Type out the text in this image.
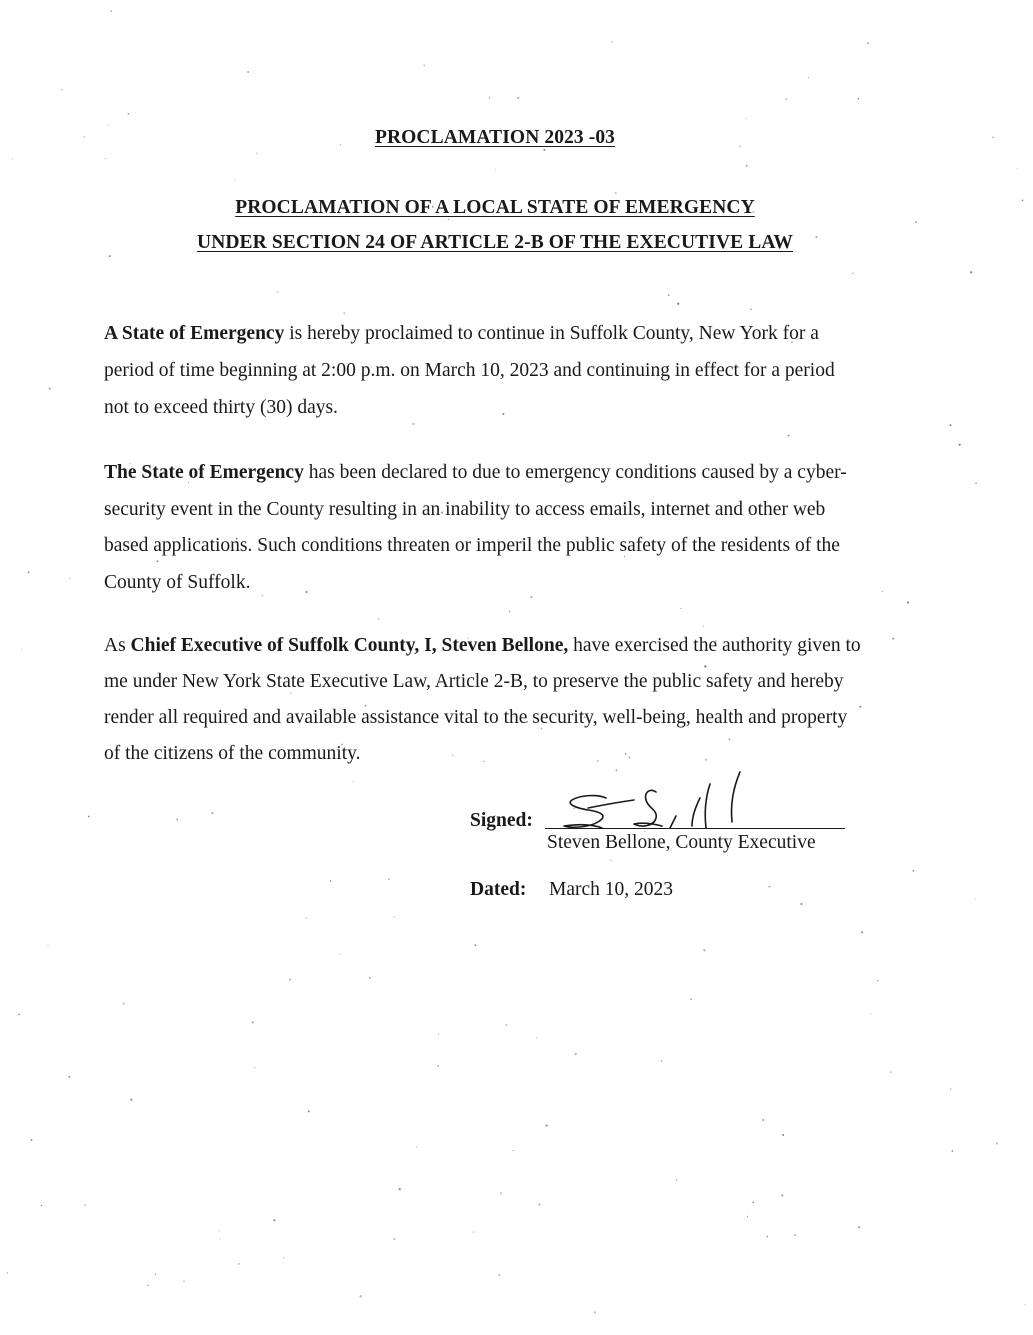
PROCLAMATION 2023 -03
PROCLAMATION OF A LOCAL STATE OF EMERGENCY
UNDER SECTION 24 OF ARTICLE 2-B OF THE EXECUTIVE LAW
A State of Emergency is hereby proclaimed to continue in Suffolk County, New York for a
period of time beginning at 2:00 p.m. on March 10, 2023 and continuing in effect for a period
not to exceed thirty (30) days.
The State of Emergency has been declared to due to emergency conditions caused by a cyber-
security event in the County resulting in an inability to access emails, internet and other web
based applications. Such conditions threaten or imperil the public safety of the residents of the
County of Suffolk.
As Chief Executive of Suffolk County, I, Steven Bellone, have exercised the authority given to
me under New York State Executive Law, Article 2-B, to preserve the public safety and hereby
render all required and available assistance vital to the security, well-being, health and property
of the citizens of the community.
Signed:
Steven Bellone, County Executive
Dated: March 10, 2023
